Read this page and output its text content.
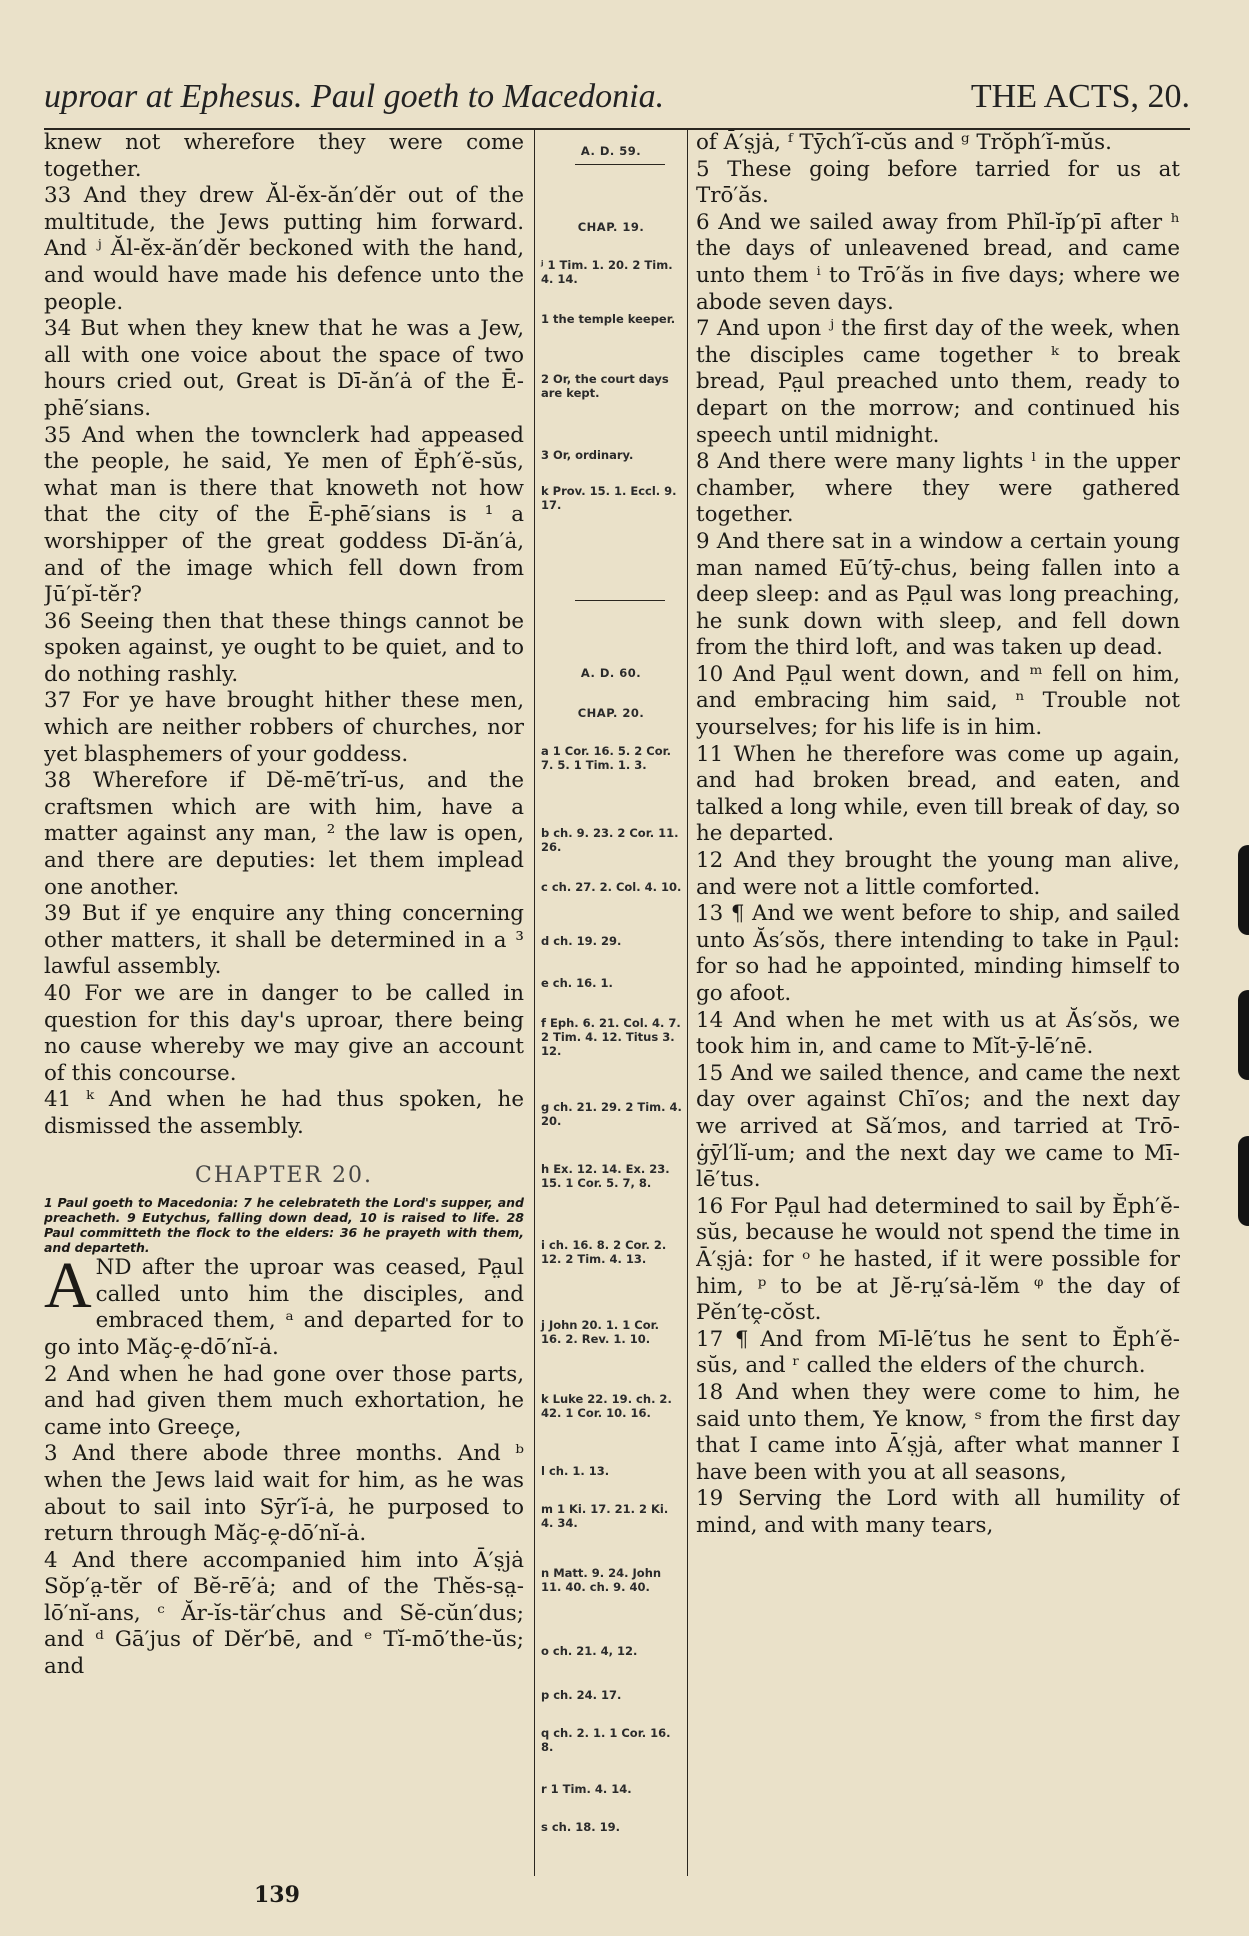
uproar at Ephesus. Paul goeth to Macedonia.	THE ACTS, 20.

knew not wherefore they were come together.

33 And they drew Ăl-ĕx-ăn′dĕr out of the multitude, the Jews putting him forward. And ʲ Ăl-ĕx-ăn′dĕr beckoned with the hand, and would have made his defence unto the people.

34 But when they knew that he was a Jew, all with one voice about the space of two hours cried out, Great is Dī-ăn′ȧ of the Ē-phē′sians.

35 And when the townclerk had appeased the people, he said, Ye men of Ĕph′ĕ-sŭs, what man is there that knoweth not how that the city of the Ē-phē′sians is ¹ a worshipper of the great goddess Dī-ăn′ȧ, and of the image which fell down from Jū′pĭ-tĕr?

36 Seeing then that these things cannot be spoken against, ye ought to be quiet, and to do nothing rashly.

37 For ye have brought hither these men, which are neither robbers of churches, nor yet blasphemers of your goddess.

38 Wherefore if Dĕ-mē′trĭ-us, and the craftsmen which are with him, have a matter against any man, ² the law is open, and there are deputies: let them implead one another.

39 But if ye enquire any thing concerning other matters, it shall be determined in a ³ lawful assembly.

40 For we are in danger to be called in question for this day's uproar, there being no cause whereby we may give an account of this concourse.

41 ᵏ And when he had thus spoken, he dismissed the assembly.

CHAPTER 20.

1 Paul goeth to Macedonia: 7 he celebrateth the Lord's supper, and preacheth. 9 Eutychus, falling down dead, 10 is raised to life. 28 Paul committeth the flock to the elders: 36 he prayeth with them, and departeth.

AND after the uproar was ceased, Pa̤ul called unto him the disciples, and embraced them, ᵃ and departed for to go into Măç-ḙ-dō′nĭ-ȧ.

2 And when he had gone over those parts, and had given them much exhortation, he came into Greeçe,

3 And there abode three months. And ᵇ when the Jews laid wait for him, as he was about to sail into Sȳr′ĭ-ȧ, he purposed to return through Măç-ḙ-dō′nĭ-ȧ.

4 And there accompanied him into Ā′ṣjȧ Sŏp′a̤-tĕr of Bĕ-rē′ȧ; and of the Thĕs-sa̤-lō′nĭ-ans, ᶜ Ăr-ĭs-tär′chus and Sĕ-cŭn′dus; and ᵈ Gā′jus of Dĕr′bē, and ᵉ Tĭ-mō′the-ŭs; and

A. D. 59.
CHAP. 19.
ʲ 1 Tim. 1. 20. 2 Tim. 4. 14.
1 the temple keeper.
2 Or, the court days are kept.
3 Or, ordinary.
k Prov. 15. 1. Eccl. 9. 17.
A. D. 60.
CHAP. 20.
a 1 Cor. 16. 5. 2 Cor. 7. 5. 1 Tim. 1. 3.
b ch. 9. 23. 2 Cor. 11. 26.
c ch. 27. 2. Col. 4. 10.
d ch. 19. 29.
e ch. 16. 1.
f Eph. 6. 21. Col. 4. 7. 2 Tim. 4. 12. Titus 3. 12.
g ch. 21. 29. 2 Tim. 4. 20.
h Ex. 12. 14. Ex. 23. 15. 1 Cor. 5. 7, 8.
i ch. 16. 8. 2 Cor. 2. 12. 2 Tim. 4. 13.
j John 20. 1. 1 Cor. 16. 2. Rev. 1. 10.
k Luke 22. 19. ch. 2. 42. 1 Cor. 10. 16.
l ch. 1. 13.
m 1 Ki. 17. 21. 2 Ki. 4. 34.
n Matt. 9. 24. John 11. 40. ch. 9. 40.
o ch. 21. 4, 12.
p ch. 24. 17.
q ch. 2. 1. 1 Cor. 16. 8.
r 1 Tim. 4. 14.
s ch. 18. 19.

of Ā′ṣjȧ, ᶠ Tȳch′ĭ-cŭs and ᵍ Trŏph′ĭ-mŭs.

5 These going before tarried for us at Trō′ăs.

6 And we sailed away from Phĭl-ĭp′pī after ʰ the days of unleavened bread, and came unto them ⁱ to Trō′ăs in five days; where we abode seven days.

7 And upon ʲ the first day of the week, when the disciples came together ᵏ to break bread, Pa̤ul preached unto them, ready to depart on the morrow; and continued his speech until midnight.

8 And there were many lights ˡ in the upper chamber, where they were gathered together.

9 And there sat in a window a certain young man named Eū′tȳ-chus, being fallen into a deep sleep: and as Pa̤ul was long preaching, he sunk down with sleep, and fell down from the third loft, and was taken up dead.

10 And Pa̤ul went down, and ᵐ fell on him, and embracing him said, ⁿ Trouble not yourselves; for his life is in him.

11 When he therefore was come up again, and had broken bread, and eaten, and talked a long while, even till break of day, so he departed.

12 And they brought the young man alive, and were not a little comforted.

13 ¶ And we went before to ship, and sailed unto Ăs′sŏs, there intending to take in Pa̤ul: for so had he appointed, minding himself to go afoot.

14 And when he met with us at Ăs′sŏs, we took him in, and came to Mĭt-ȳ-lē′nē.

15 And we sailed thence, and came the next day over against Chī′os; and the next day we arrived at Să′mos, and tarried at Trō-ġȳl′lĭ-um; and the next day we came to Mī-lē′tus.

16 For Pa̤ul had determined to sail by Ĕph′ĕ-sŭs, because he would not spend the time in Ā′ṣjȧ: for ᵒ he hasted, if it were possible for him, ᵖ to be at Jĕ-rṳ′sȧ-lĕm ᵠ the day of Pĕn′tḙ-cŏst.

17 ¶ And from Mī-lē′tus he sent to Ĕph′ĕ-sŭs, and ʳ called the elders of the church.

18 And when they were come to him, he said unto them, Ye know, ˢ from the first day that I came into Ā′ṣjȧ, after what manner I have been with you at all seasons,

19 Serving the Lord with all humility of mind, and with many tears,

139
